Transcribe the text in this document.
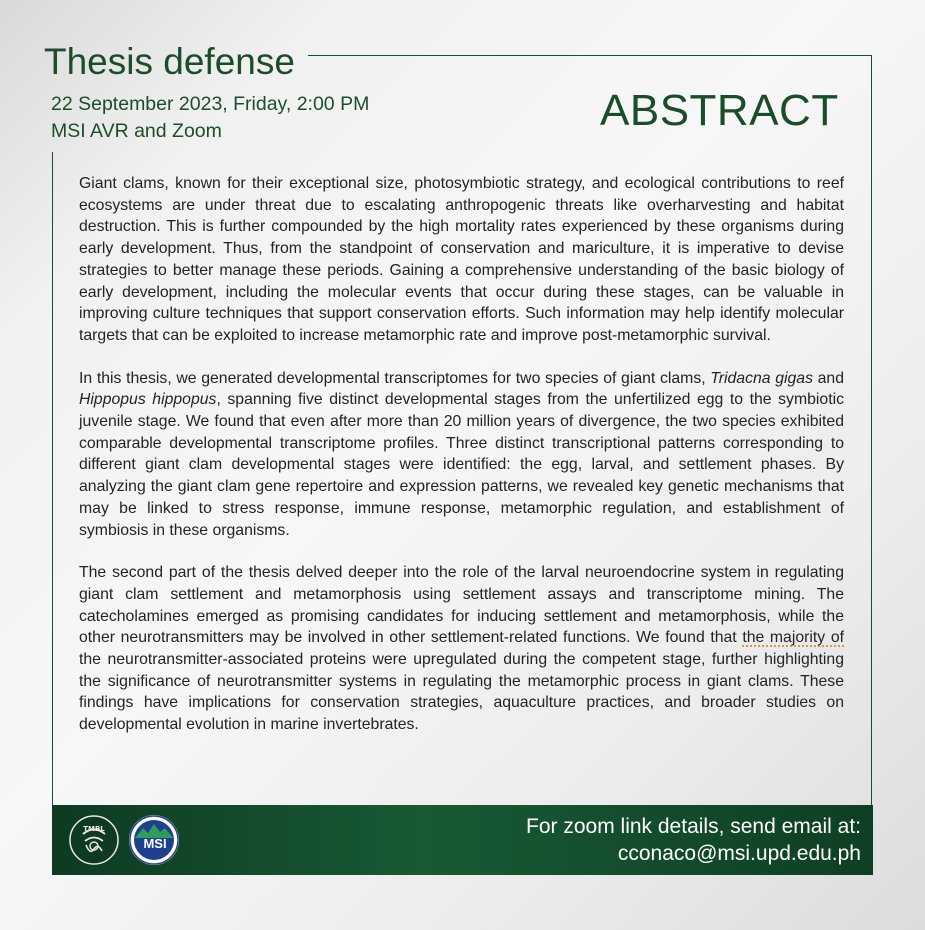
Thesis defense
22 September 2023, Friday, 2:00 PM
MSI AVR and Zoom	ABSTRACT

Giant clams, known for their exceptional size, photosymbiotic strategy, and ecological contributions to reef ecosystems are under threat due to escalating anthropogenic threats like overharvesting and habitat destruction. This is further compounded by the high mortality rates experienced by these organisms during early development. Thus, from the standpoint of conservation and mariculture, it is imperative to devise strategies to better manage these periods. Gaining a comprehensive understanding of the basic biology of early development, including the molecular events that occur during these stages, can be valuable in improving culture techniques that support conservation efforts. Such information may help identify molecular targets that can be exploited to increase metamorphic rate and improve post-metamorphic survival.

In this thesis, we generated developmental transcriptomes for two species of giant clams, Tridacna gigas and Hippopus hippopus, spanning five distinct developmental stages from the unfertilized egg to the symbiotic juvenile stage. We found that even after more than 20 million years of divergence, the two species exhibited comparable developmental transcriptome profiles. Three distinct transcriptional patterns corresponding to different giant clam developmental stages were identified: the egg, larval, and settlement phases. By analyzing the giant clam gene repertoire and expression patterns, we revealed key genetic mechanisms that may be linked to stress response, immune response, metamorphic regulation, and establishment of symbiosis in these organisms.

The second part of the thesis delved deeper into the role of the larval neuroendocrine system in regulating giant clam settlement and metamorphosis using settlement assays and transcriptome mining. The catecholamines emerged as promising candidates for inducing settlement and metamorphosis, while the other neurotransmitters may be involved in other settlement-related functions. We found that the majority of the neurotransmitter-associated proteins were upregulated during the competent stage, further highlighting the significance of neurotransmitter systems in regulating the metamorphic process in giant clams. These findings have implications for conservation strategies, aquaculture practices, and broader studies on developmental evolution in marine invertebrates.

TMBL
MSI
For zoom link details, send email at:
cconaco@msi.upd.edu.ph
